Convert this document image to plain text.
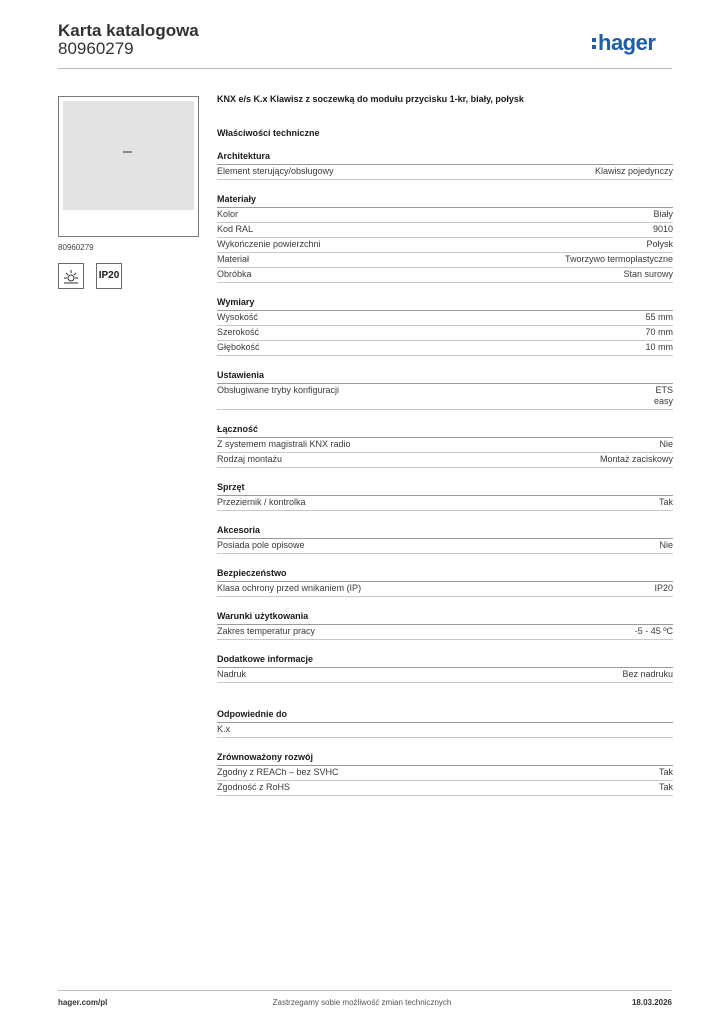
Karta katalogowa
80960279	hager
80960279
IP20
KNX e/s K.x Klawisz z soczewką do modułu przycisku 1-kr, biały, połysk
Właściwości techniczne
Architektura
Element sterujący/obsługowy	Klawisz pojedynczy
Materiały
Kolor	Biały
Kod RAL	9010
Wykończenie powierzchni	Połysk
Materiał	Tworzywo termoplastyczne
Obróbka	Stan surowy
Wymiary
Wysokość	55 mm
Szerokość	70 mm
Głębokość	10 mm
Ustawienia
Obsługiwane tryby konfiguracji	ETS
easy
Łączność
Z systemem magistrali KNX radio	Nie
Rodzaj montażu	Montaż zaciskowy
Sprzęt
Przeziernik / kontrolka	Tak
Akcesoria
Posiada pole opisowe	Nie
Bezpieczeństwo
Klasa ochrony przed wnikaniem (IP)	IP20
Warunki użytkowania
Zakres temperatur pracy	-5 - 45 ºC
Dodatkowe informacje
Nadruk	Bez nadruku
Odpowiednie do
K.x
Zrównoważony rozwój
Zgodny z REACh – bez SVHC	Tak
Zgodność z RoHS	Tak
hager.com/pl	Zastrzegamy sobie możliwość zmian technicznych	18.03.2026
